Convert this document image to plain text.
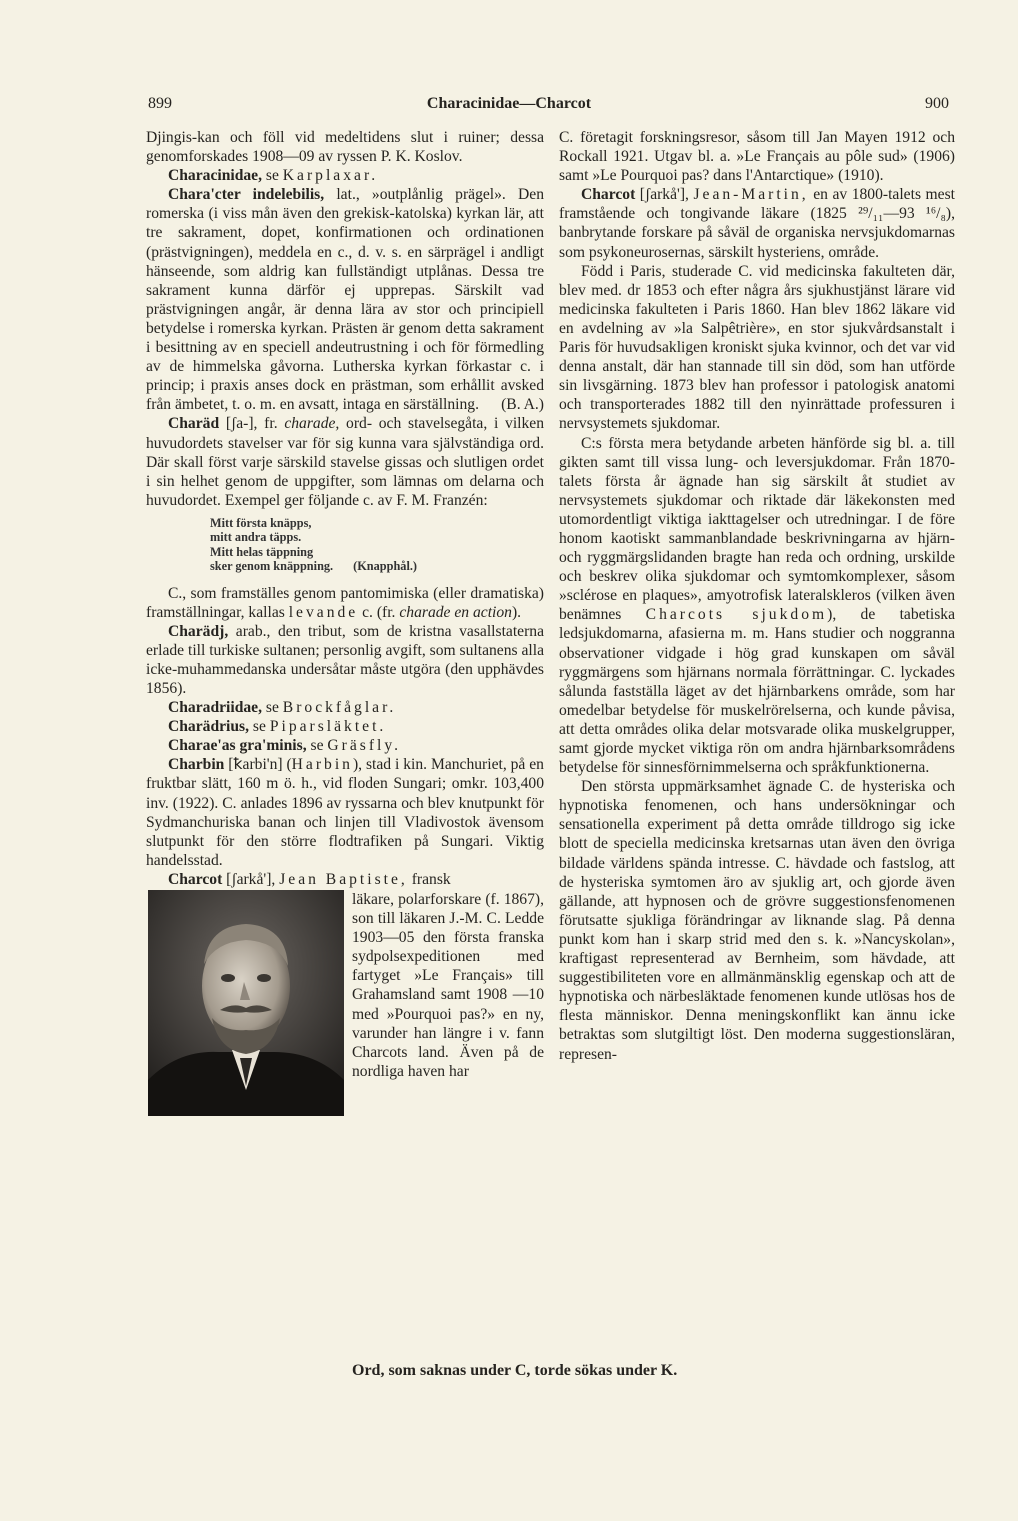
899	Characinidae—Charcot	900

Djingis-kan och föll vid medeltidens slut i ruiner; dessa genomforskades 1908—09 av ryssen P. K. Koslov.

Characinidae, se Karplaxar.

Chara'cter indelebilis, lat., »outplånlig prägel». Den romerska (i viss mån även den grekisk-katolska) kyrkan lär, att tre sakrament, dopet, konfirmationen och ordinationen (prästvigningen), meddela en c., d. v. s. en särprägel i andligt hänseende, som aldrig kan fullständigt utplånas. Dessa tre sakrament kunna därför ej upprepas. Särskilt vad prästvigningen angår, är denna lära av stor och principiell betydelse i romerska kyrkan. Prästen är genom detta sakrament i besittning av en speciell andeutrustning i och för förmedling av de himmelska gåvorna. Lutherska kyrkan förkastar c. i princip; i praxis anses dock en prästman, som erhållit avsked från ämbetet, t. o. m. en avsatt, intaga en särställning.	(B. A.)

Charäd [ʃa-], fr. charade, ord- och stavelsegåta, i vilken huvudordets stavelser var för sig kunna vara självständiga ord. Där skall först varje särskild stavelse gissas och slutligen ordet i sin helhet genom de uppgifter, som lämnas om delarna och huvudordet. Exempel ger följande c. av F. M. Franzén:

Mitt första knäpps,
mitt andra täpps.
Mitt helas täppning
sker genom knäppning. (Knapphål.)

C., som framställes genom pantomimiska (eller dramatiska) framställningar, kallas levande c. (fr. charade en action).

Charädj, arab., den tribut, som de kristna vasallstaterna erlade till turkiske sultanen; personlig avgift, som sultanens alla icke-muhammedanska undersåtar måste utgöra (den upphävdes 1856).

Charadriidae, se Brockfåglar.

Charädrius, se Piparsläktet.

Charae'as gra'minis, se Gräsfly.

Charbin [ꝁarbi'n] (Harbin), stad i kin. Manchuriet, på en fruktbar slätt, 160 m ö. h., vid floden Sungari; omkr. 103,400 inv. (1922). C. anlades 1896 av ryssarna och blev knutpunkt för Sydmanchuriska banan och linjen till Vladivostok ävensom slutpunkt för den större flodtrafiken på Sungari. Viktig handelsstad.

Charcot [ʃarkå'], Jean Baptiste, fransk

läkare, polarforskare (f. 1867), son till läkaren J.-M. C. Ledde 1903—05 den första franska sydpolsexpeditionen med fartyget »Le Français» till Grahamsland samt 1908 —10 med »Pourquoi pas?» en ny, varunder han längre i v. fann Charcots land. Även på de nordliga haven har

C. företagit forskningsresor, såsom till Jan Mayen 1912 och Rockall 1921. Utgav bl. a. »Le Français au pôle sud» (1906) samt »Le Pourquoi pas? dans l'Antarctique» (1910).

Charcot [ʃarkå'], Jean-Martin, en av 1800-talets mest framstående och tongivande läkare (1825 ²⁹/₁₁—93 ¹⁶/₈), banbrytande forskare på såväl de organiska nervsjukdomarnas som psykoneurosernas, särskilt hysteriens, område.

Född i Paris, studerade C. vid medicinska fakulteten där, blev med. dr 1853 och efter några års sjukhustjänst lärare vid medicinska fakulteten i Paris 1860. Han blev 1862 läkare vid en avdelning av »la Salpêtrière», en stor sjukvårdsanstalt i Paris för huvudsakligen kroniskt sjuka kvinnor, och det var vid denna anstalt, där han stannade till sin död, som han utförde sin livsgärning. 1873 blev han professor i patologisk anatomi och transporterades 1882 till den nyinrättade professuren i nervsystemets sjukdomar.

C:s första mera betydande arbeten hänförde sig bl. a. till gikten samt till vissa lung- och leversjukdomar. Från 1870-talets första år ägnade han sig särskilt åt studiet av nervsystemets sjukdomar och riktade där läkekonsten med utomordentligt viktiga iakttagelser och utredningar. I de före honom kaotiskt sammanblandade beskrivningarna av hjärn- och ryggmärgslidanden bragte han reda och ordning, urskilde och beskrev olika sjukdomar och symtomkomplexer, såsom »sclérose en plaques», amyotrofisk lateralskleros (vilken även benämnes Charcots sjukdom), de tabetiska ledsjukdomarna, afasierna m. m. Hans studier och noggranna observationer vidgade i hög grad kunskapen om såväl ryggmärgens som hjärnans normala förrättningar. C. lyckades sålunda fastställa läget av det hjärnbarkens område, som har omedelbar betydelse för muskelrörelserna, och kunde påvisa, att detta områdes olika delar motsvarade olika muskelgrupper, samt gjorde mycket viktiga rön om andra hjärnbarksområdens betydelse för sinnesförnimmelserna och språkfunktionerna.

Den största uppmärksamhet ägnade C. de hysteriska och hypnotiska fenomenen, och hans undersökningar och sensationella experiment på detta område tilldrogo sig icke blott de speciella medicinska kretsarnas utan även den övriga bildade världens spända intresse. C. hävdade och fastslog, att de hysteriska symtomen äro av sjuklig art, och gjorde även gällande, att hypnosen och de grövre suggestionsfenomenen förutsatte sjukliga förändringar av liknande slag. På denna punkt kom han i skarp strid med den s. k. »Nancyskolan», kraftigast representerad av Bernheim, som hävdade, att suggestibiliteten vore en allmänmänsklig egenskap och att de hypnotiska och närbesläktade fenomenen kunde utlösas hos de flesta människor. Denna meningskonflikt kan ännu icke betraktas som slutgiltigt löst. Den moderna suggestionsläran, represen-

Ord, som saknas under C, torde sökas under K.
